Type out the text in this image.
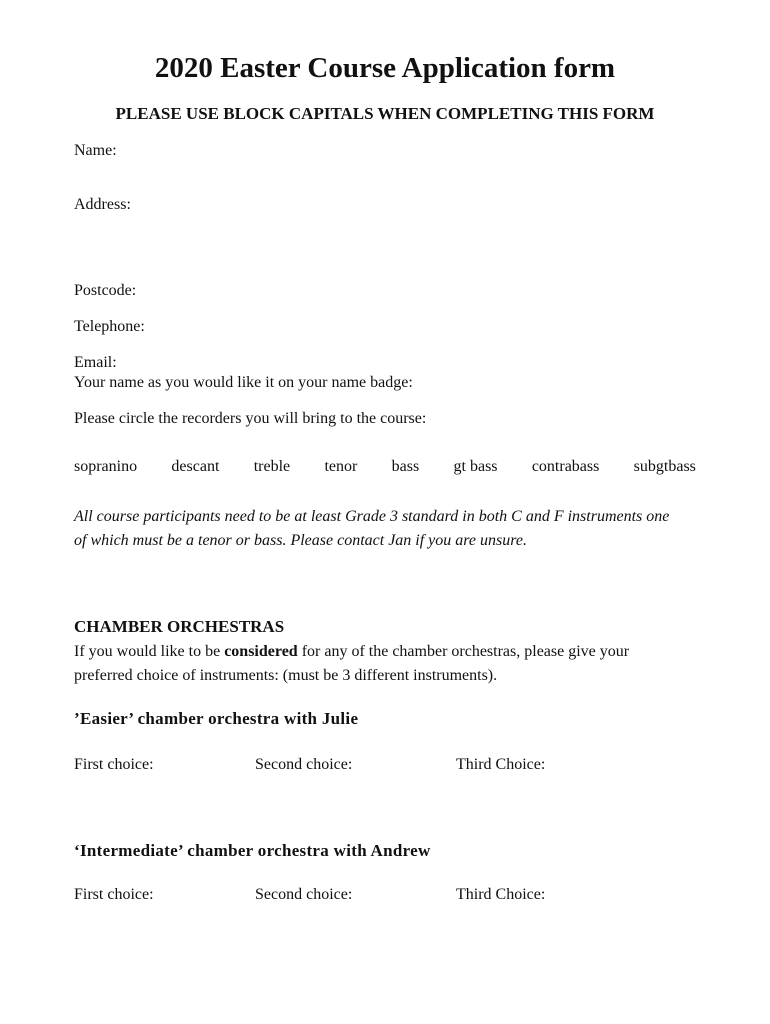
2020 Easter Course Application form
PLEASE USE BLOCK CAPITALS WHEN COMPLETING THIS FORM
Name:
Address:
Postcode:
Telephone:
Email:
Your name as you would like it on your name badge:
Please circle the recorders you will bring to the course:
sopranino descant treble tenor bass gt bass contrabass subgtbass
All course participants need to be at least Grade 3 standard in both C and F instruments one of which must be a tenor or bass. Please contact Jan if you are unsure.
CHAMBER ORCHESTRAS
If you would like to be considered for any of the chamber orchestras, please give your preferred choice of instruments: (must be 3 different instruments).
’Easier’ chamber orchestra with Julie
First choice:	Second choice:	Third Choice:
‘Intermediate’ chamber orchestra with Andrew
First choice:	Second choice:	Third Choice:
